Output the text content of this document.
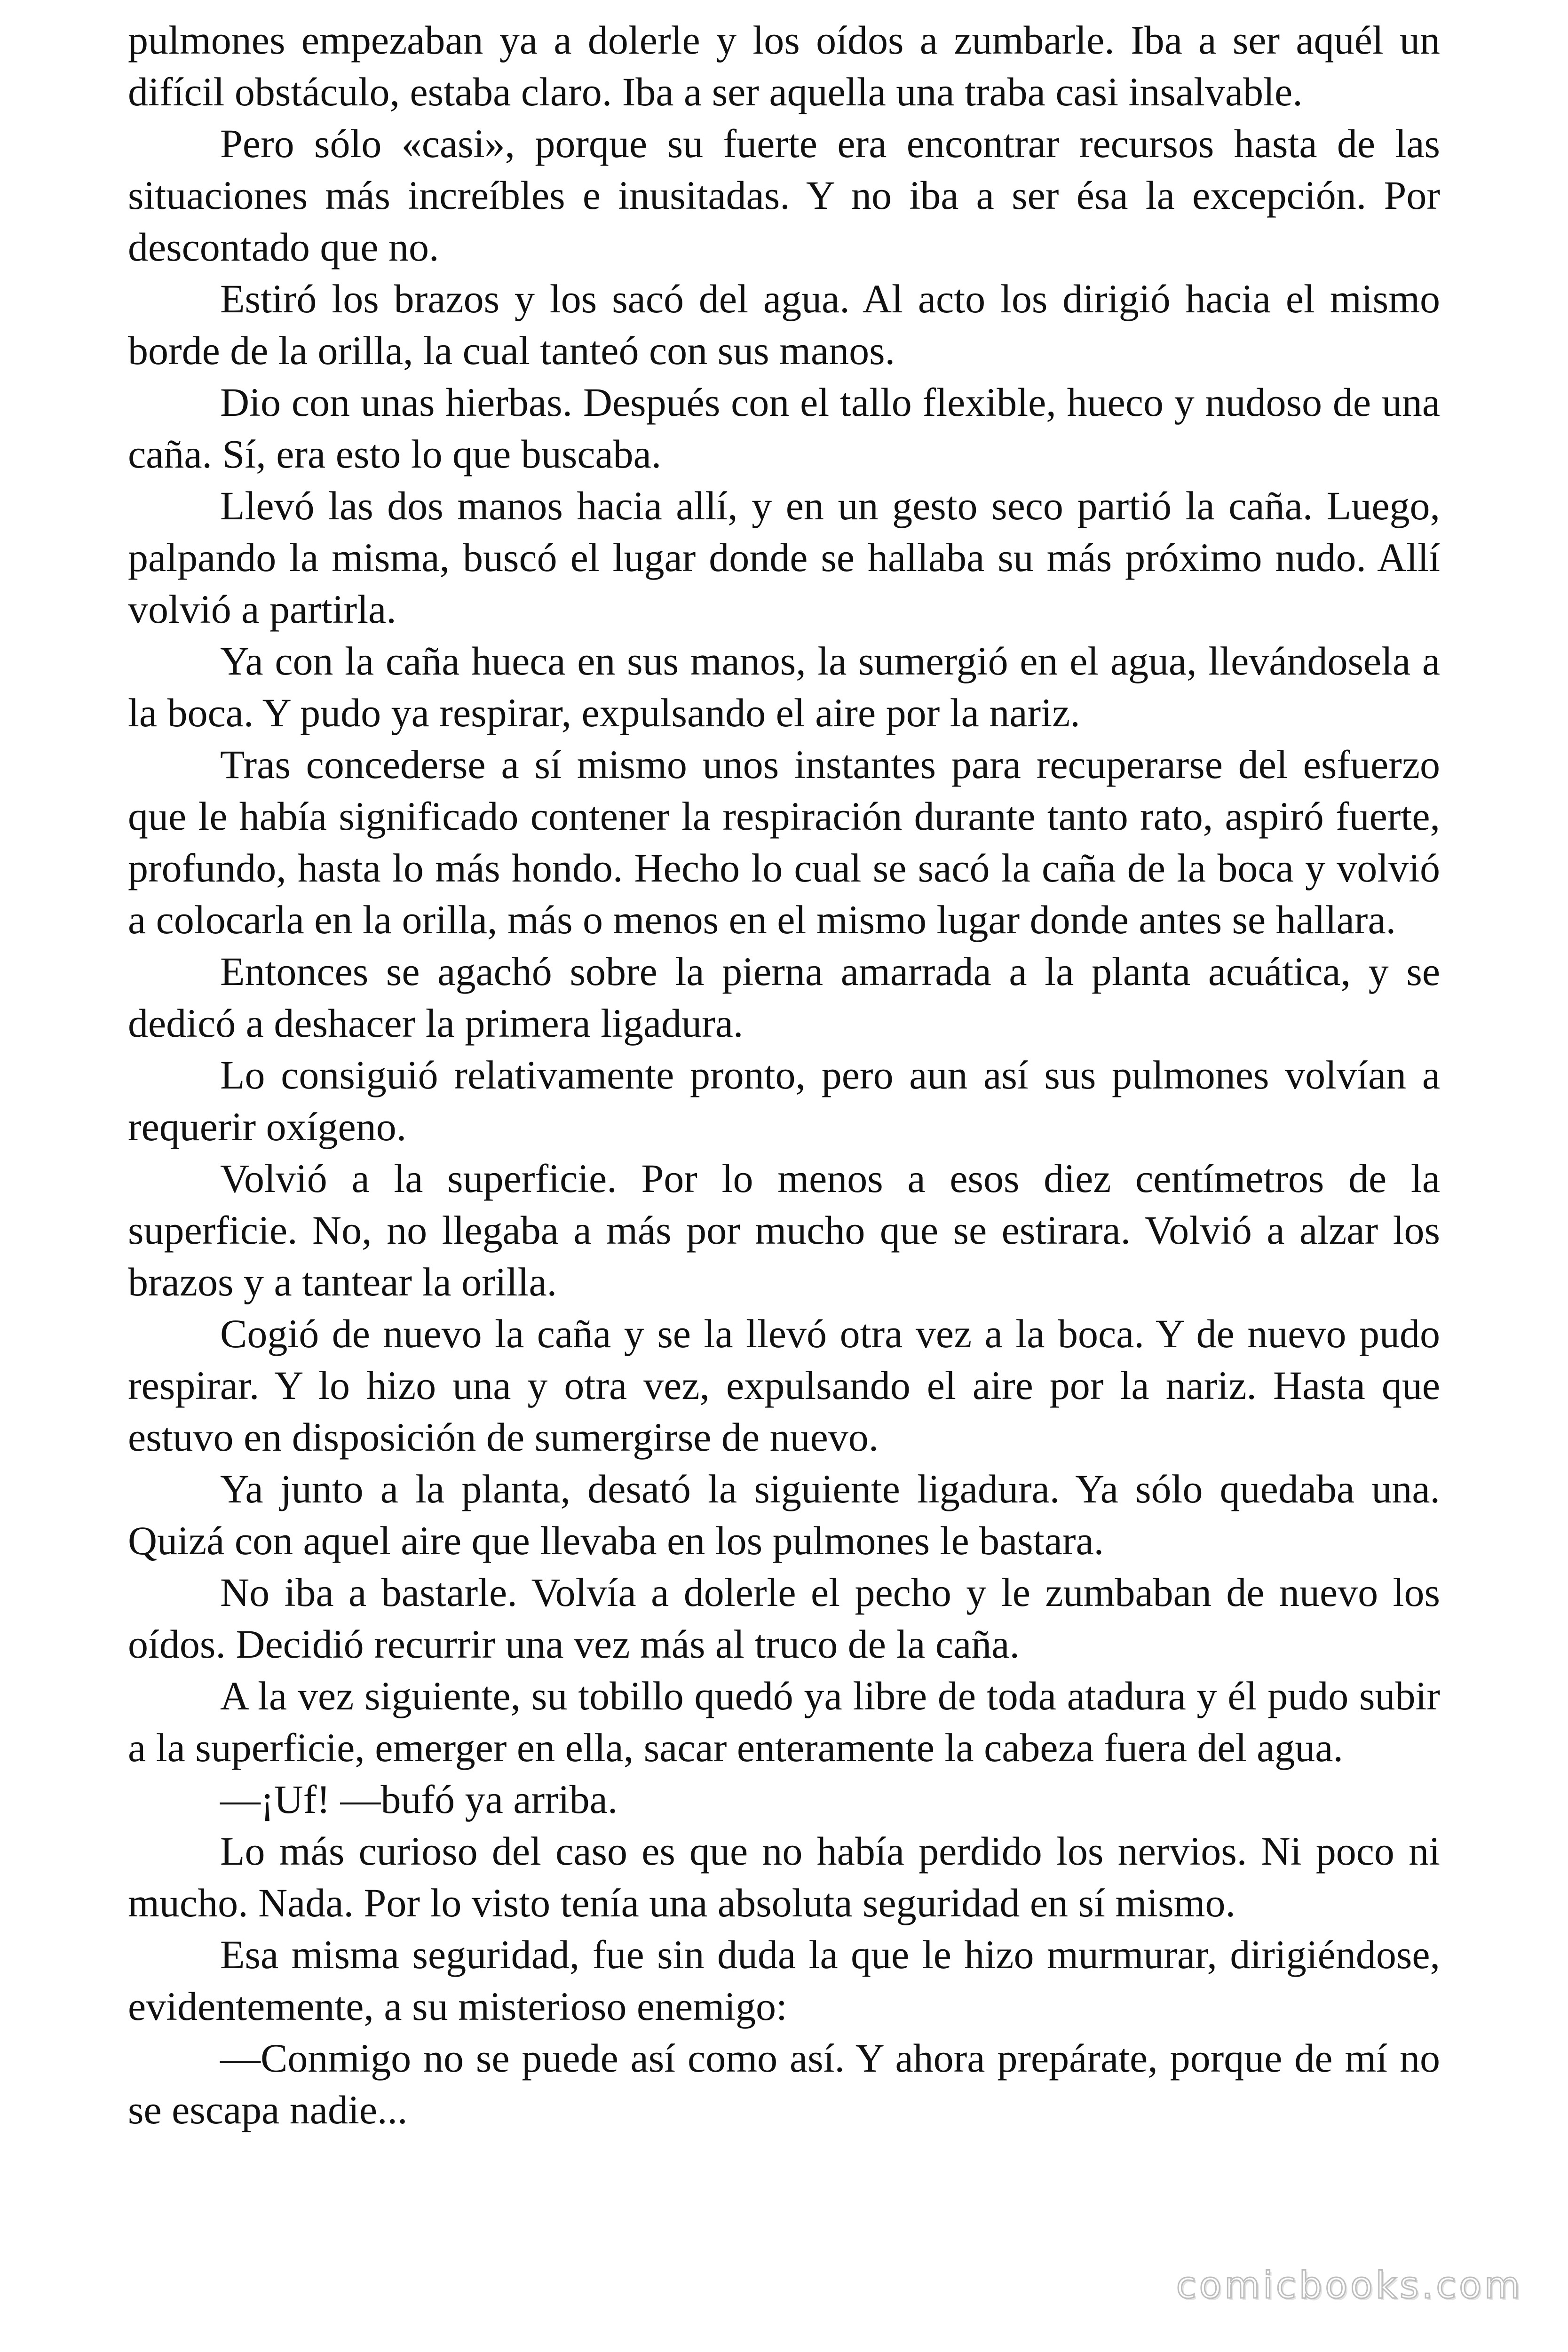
pulmones empezaban ya a dolerle y los oídos a zumbarle. Iba a ser aquél un difícil obstáculo, estaba claro. Iba a ser aquella una traba casi insalvable.

Pero sólo «casi», porque su fuerte era encontrar recursos hasta de las situaciones más increíbles e inusitadas. Y no iba a ser ésa la excepción. Por descontado que no.

Estiró los brazos y los sacó del agua. Al acto los dirigió hacia el mismo borde de la orilla, la cual tanteó con sus manos.

Dio con unas hierbas. Después con el tallo flexible, hueco y nudoso de una caña. Sí, era esto lo que buscaba.

Llevó las dos manos hacia allí, y en un gesto seco partió la caña. Luego, palpando la misma, buscó el lugar donde se hallaba su más próximo nudo. Allí volvió a partirla.

Ya con la caña hueca en sus manos, la sumergió en el agua, llevándosela a la boca. Y pudo ya respirar, expulsando el aire por la nariz.

Tras concederse a sí mismo unos instantes para recuperarse del esfuerzo que le había significado contener la respiración durante tanto rato, aspiró fuerte, profundo, hasta lo más hondo. Hecho lo cual se sacó la caña de la boca y volvió a colocarla en la orilla, más o menos en el mismo lugar donde antes se hallara.

Entonces se agachó sobre la pierna amarrada a la planta acuática, y se dedicó a deshacer la primera ligadura.

Lo consiguió relativamente pronto, pero aun así sus pulmones volvían a requerir oxígeno.

Volvió a la superficie. Por lo menos a esos diez centímetros de la superficie. No, no llegaba a más por mucho que se estirara. Volvió a alzar los brazos y a tantear la orilla.

Cogió de nuevo la caña y se la llevó otra vez a la boca. Y de nuevo pudo respirar. Y lo hizo una y otra vez, expulsando el aire por la nariz. Hasta que estuvo en disposición de sumergirse de nuevo.

Ya junto a la planta, desató la siguiente ligadura. Ya sólo quedaba una. Quizá con aquel aire que llevaba en los pulmones le bastara.

No iba a bastarle. Volvía a dolerle el pecho y le zumbaban de nuevo los oídos. Decidió recurrir una vez más al truco de la caña.

A la vez siguiente, su tobillo quedó ya libre de toda atadura y él pudo subir a la superficie, emerger en ella, sacar enteramente la cabeza fuera del agua.

—¡Uf! —bufó ya arriba.

Lo más curioso del caso es que no había perdido los nervios. Ni poco ni mucho. Nada. Por lo visto tenía una absoluta seguridad en sí mismo.

Esa misma seguridad, fue sin duda la que le hizo murmurar, dirigiéndose, evidentemente, a su misterioso enemigo:

—Conmigo no se puede así como así. Y ahora prepárate, porque de mí no se escapa nadie...

comicbooks.com
